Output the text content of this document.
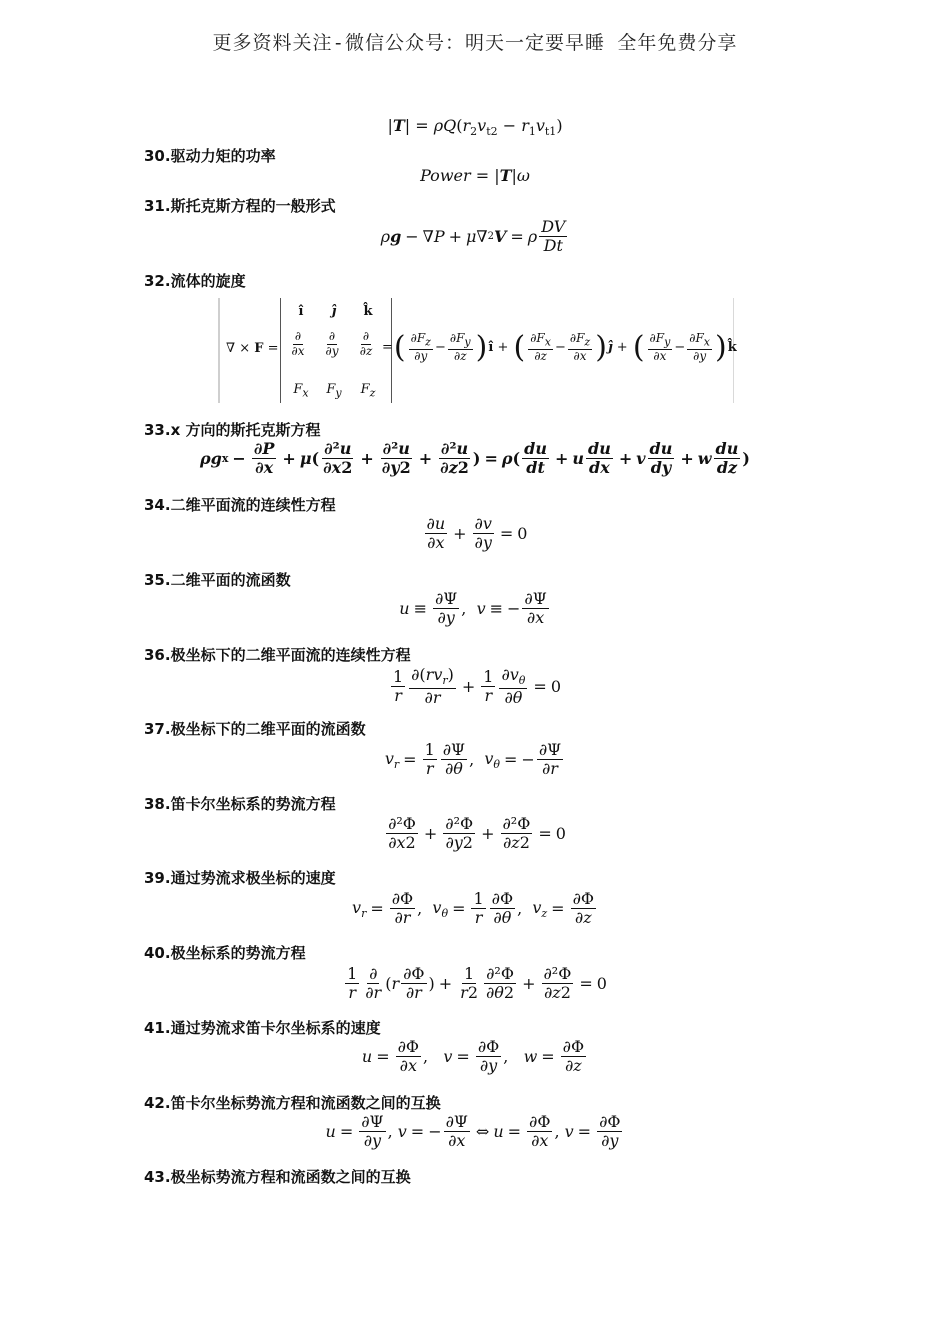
更多资料关注-微信公众号：明天一定要早睡 全年免费分享
$|T| = \rho Q(r_2v_{t2} - r_1v_{t1})$
30.驱动力矩的功率
Power = |T|ω
31.斯托克斯方程的一般形式
ρ g − ∇ P + μ ∇ 2 V = ρ $\frac{DV}{Dt}$
32.流体的旋度
∇ × F =
î	ĵ	k̂
$\frac{\partial}{\partial x} \frac{\partial}{\partial y} \frac{\partial}{\partial z}$
$F_x$	$F_y$	$F_z$
= ( $\frac{\partial F_z}{\partial y} - \frac{\partial F_y}{\partial z}$ ) î + ( $\frac{\partial F_x}{\partial z} - \frac{\partial F_z}{\partial x}$ ) ĵ + ( $\frac{\partial F_y}{\partial x} - \frac{\partial F_x}{\partial y}$ ) k̂
33.x 方向的斯托克斯方程
ρg $x - \frac{\partial P}{\partial x} + \mu$ ( $\frac{\text{∂²u}}{\partial x2} + \frac{\text{∂²u}}{\partial y2} + \frac{\text{∂²u}}{\partial z2}$ ) = ρ ( $\frac{du}{dt} + u \frac{du}{dx} + v \frac{du}{dy} + w \frac{du}{dz}$ )
34.二维平面流的连续性方程
$\frac{\partial u}{\partial x} + \frac{\partial v}{\partial y} = 0$
35.二维平面的流函数
$u \equiv \frac{\partial\Psi}{\partial y}$ , v ≡ − $\frac{\partial\Psi}{\partial x}$
36.极坐标下的二维平面流的连续性方程
$\frac{1}{r} \frac{\partial(rv_r)}{\partial r} + \frac{1}{r} \frac{\partial v_\theta}{\partial\theta} = 0$
37.极坐标下的二维平面的流函数
$v_r = \frac{1}{r} \frac{\partial\Psi}{\partial\theta}$ , $v_\theta$ = − $\frac{\partial\Psi}{\partial r}$
38.笛卡尔坐标系的势流方程
$\frac{\text{∂²Φ}}{\partial x2} + \frac{\text{∂²Φ}}{\partial y2} + \frac{\text{∂²Φ}}{\partial z2} = 0$
39.通过势流求极坐标的速度
$v_r = \frac{\partial\Phi}{\partial r}$ , $v_\theta = \frac{1}{r} \frac{\partial\Phi}{\partial\theta}$ , $v_z = \frac{\partial\Phi}{\partial z}$
40.极坐标系的势流方程
$\frac{1}{r} \frac{\partial}{\partial r}$ ( r $\frac{\partial\Phi}{\partial r}$ ) + $\frac{1}{r2} \frac{\text{∂²Φ}}{\partial\theta 2} + \frac{\text{∂²Φ}}{\partial z2} = 0$
41.通过势流求笛卡尔坐标系的速度
$u = \frac{\partial\Phi}{\partial x}$ , $v = \frac{\partial\Phi}{\partial y}$ , $w = \frac{\partial\Phi}{\partial z}$
42.笛卡尔坐标势流方程和流函数之间的互换
$u = \frac{\partial\Psi}{\partial y}$ , v = − $\frac{\partial\Psi}{\partial x}$ ⇔ $u = \frac{\partial\Phi}{\partial x}$ , $v = \frac{\partial\Phi}{\partial y}$
43.极坐标势流方程和流函数之间的互换
